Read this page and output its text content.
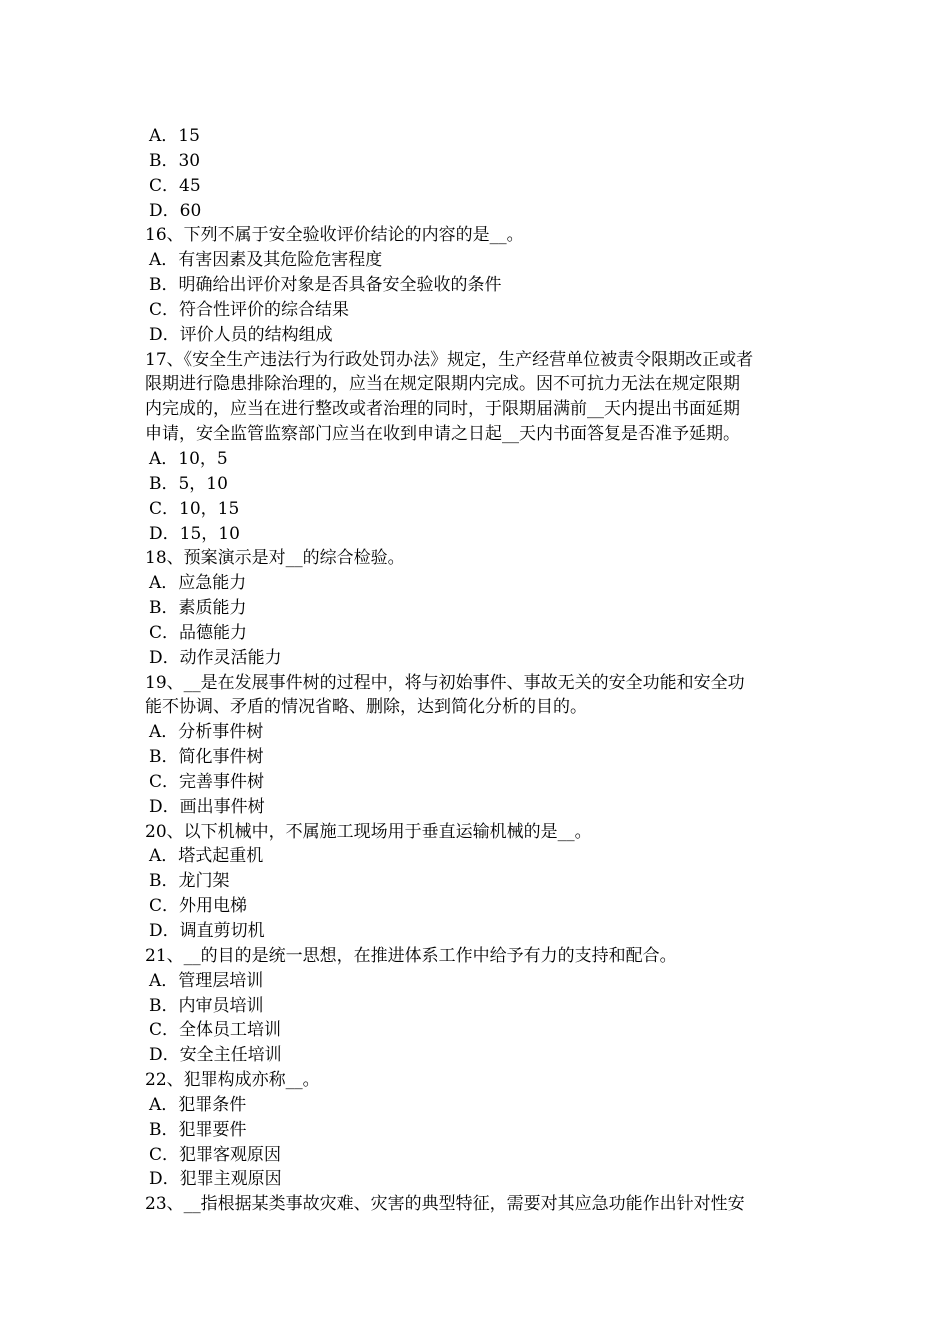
A．15
B．30
C．45
D．60
16、下列不属于安全验收评价结论的内容的是__。
A．有害因素及其危险危害程度
B．明确给出评价对象是否具备安全验收的条件
C．符合性评价的综合结果
D．评价人员的结构组成
17、《安全生产违法行为行政处罚办法》规定，生产经营单位被责令限期改正或者
限期进行隐患排除治理的，应当在规定限期内完成。因不可抗力无法在规定限期
内完成的，应当在进行整改或者治理的同时，于限期届满前__天内提出书面延期
申请，安全监管监察部门应当在收到申请之日起__天内书面答复是否准予延期。
A．10，5
B．5，10
C．10，15
D．15，10
18、预案演示是对__的综合检验。
A．应急能力
B．素质能力
C．品德能力
D．动作灵活能力
19、__是在发展事件树的过程中，将与初始事件、事故无关的安全功能和安全功
能不协调、矛盾的情况省略、删除，达到简化分析的目的。
A．分析事件树
B．简化事件树
C．完善事件树
D．画出事件树
20、以下机械中，不属施工现场用于垂直运输机械的是__。
A．塔式起重机
B．龙门架
C．外用电梯
D．调直剪切机
21、__的目的是统一思想，在推进体系工作中给予有力的支持和配合。
A．管理层培训
B．内审员培训
C．全体员工培训
D．安全主任培训
22、犯罪构成亦称__。
A．犯罪条件
B．犯罪要件
C．犯罪客观原因
D．犯罪主观原因
23、__指根据某类事故灾难、灾害的典型特征，需要对其应急功能作出针对性安
